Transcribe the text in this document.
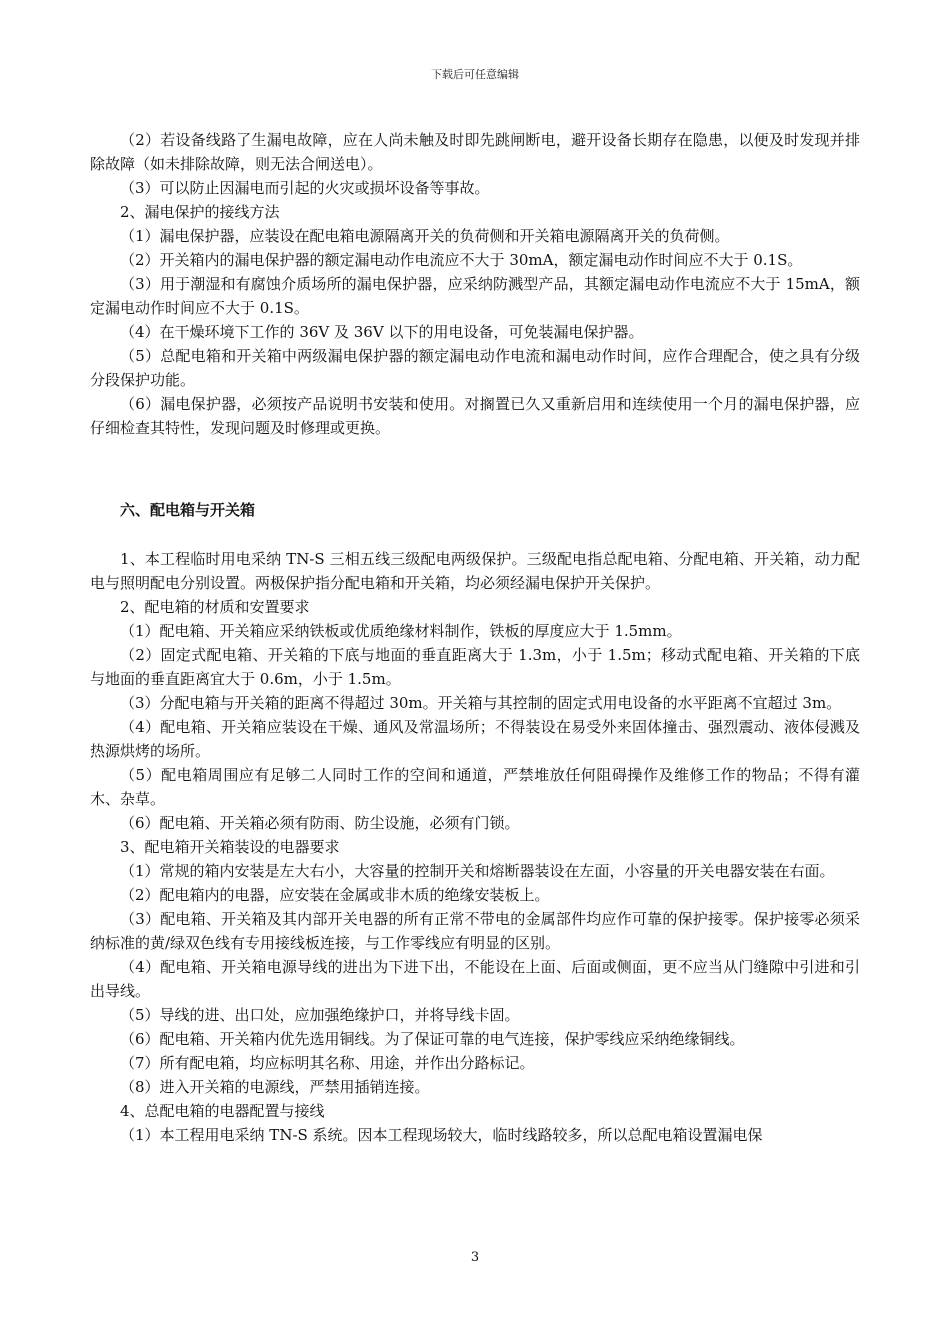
下载后可任意编辑

（2）若设备线路了生漏电故障，应在人尚未触及时即先跳闸断电，避开设备长期存在隐患，以便及时发现并排除故障（如未排除故障，则无法合闸送电）。

（3）可以防止因漏电而引起的火灾或损坏设备等事故。

2、漏电保护的接线方法

（1）漏电保护器，应装设在配电箱电源隔离开关的负荷侧和开关箱电源隔离开关的负荷侧。

（2）开关箱内的漏电保护器的额定漏电动作电流应不大于 30mA，额定漏电动作时间应不大于 0.1S。

（3）用于潮湿和有腐蚀介质场所的漏电保护器，应采纳防溅型产品，其额定漏电动作电流应不大于 15mA，额定漏电动作时间应不大于 0.1S。

（4）在干燥环境下工作的 36V 及 36V 以下的用电设备，可免装漏电保护器。

（5）总配电箱和开关箱中两级漏电保护器的额定漏电动作电流和漏电动作时间，应作合理配合，使之具有分级分段保护功能。

（6）漏电保护器，必须按产品说明书安装和使用。对搁置已久又重新启用和连续使用一个月的漏电保护器，应仔细检查其特性，发现问题及时修理或更换。

六、配电箱与开关箱

1、本工程临时用电采纳 TN-S 三相五线三级配电两级保护。三级配电指总配电箱、分配电箱、开关箱，动力配电与照明配电分别设置。两极保护指分配电箱和开关箱，均必须经漏电保护开关保护。

2、配电箱的材质和安置要求

（1）配电箱、开关箱应采纳铁板或优质绝缘材料制作，铁板的厚度应大于 1.5mm。

（2）固定式配电箱、开关箱的下底与地面的垂直距离大于 1.3m，小于 1.5m；移动式配电箱、开关箱的下底与地面的垂直距离宜大于 0.6m，小于 1.5m。

（3）分配电箱与开关箱的距离不得超过 30m。开关箱与其控制的固定式用电设备的水平距离不宜超过 3m。

（4）配电箱、开关箱应装设在干燥、通风及常温场所；不得装设在易受外来固体撞击、强烈震动、液体侵溅及热源烘烤的场所。

（5）配电箱周围应有足够二人同时工作的空间和通道，严禁堆放任何阻碍操作及维修工作的物品；不得有灌木、杂草。

（6）配电箱、开关箱必须有防雨、防尘设施，必须有门锁。

3、配电箱开关箱装设的电器要求

（1）常规的箱内安装是左大右小，大容量的控制开关和熔断器装设在左面，小容量的开关电器安装在右面。

（2）配电箱内的电器，应安装在金属或非木质的绝缘安装板上。

（3）配电箱、开关箱及其内部开关电器的所有正常不带电的金属部件均应作可靠的保护接零。保护接零必须采纳标准的黄/绿双色线有专用接线板连接，与工作零线应有明显的区别。

（4）配电箱、开关箱电源导线的进出为下进下出，不能设在上面、后面或侧面，更不应当从门缝隙中引进和引出导线。

（5）导线的进、出口处，应加强绝缘护口，并将导线卡固。

（6）配电箱、开关箱内优先选用铜线。为了保证可靠的电气连接，保护零线应采纳绝缘铜线。

（7）所有配电箱，均应标明其名称、用途，并作出分路标记。

（8）进入开关箱的电源线，严禁用插销连接。

4、总配电箱的电器配置与接线

（1）本工程用电采纳 TN-S 系统。因本工程现场较大，临时线路较多，所以总配电箱设置漏电保

3
